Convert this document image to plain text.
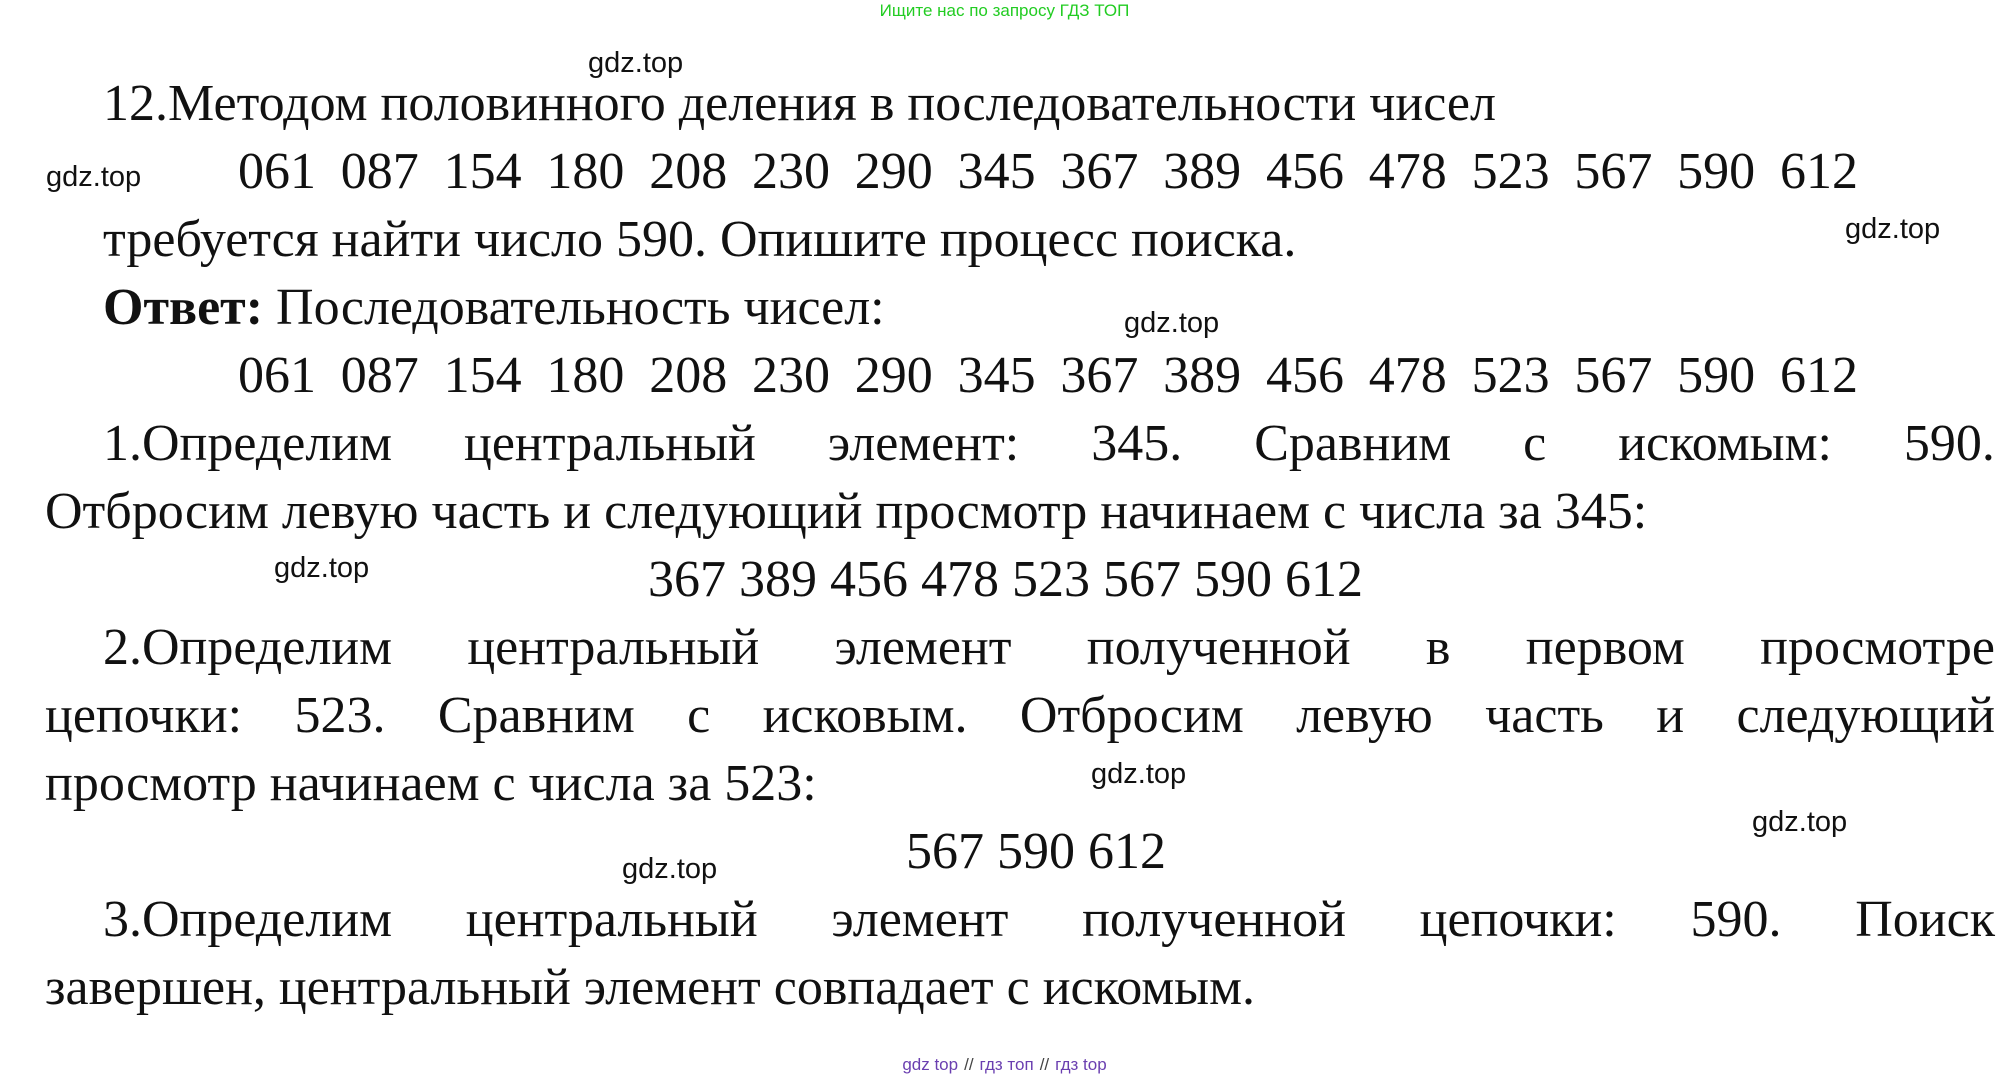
Ищите нас по запросу ГДЗ ТОП
gdz.top
gdz.top
gdz.top
gdz.top
gdz.top
gdz.top
gdz.top
gdz.top
12.Методом половинного деления в последовательности чисел
061 087 154 180 208 230 290 345 367 389 456 478 523 567 590 612
требуется найти число 590. Опишите процесс поиска.
Ответ: Последовательность чисел:
061 087 154 180 208 230 290 345 367 389 456 478 523 567 590 612
1.Определим центральный элемент: 345. Сравним с искомым: 590.
Отбросим левую часть и следующий просмотр начинаем с числа за 345:
367 389 456 478 523 567 590 612
2.Определим центральный элемент полученной в первом просмотре
цепочки: 523. Сравним с исковым. Отбросим левую часть и следующий
просмотр начинаем с числа за 523:
567 590 612
3.Определим центральный элемент полученной цепочки: 590. Поиск
завершен, центральный элемент совпадает с искомым.
gdz top // гдз топ // гдз top
